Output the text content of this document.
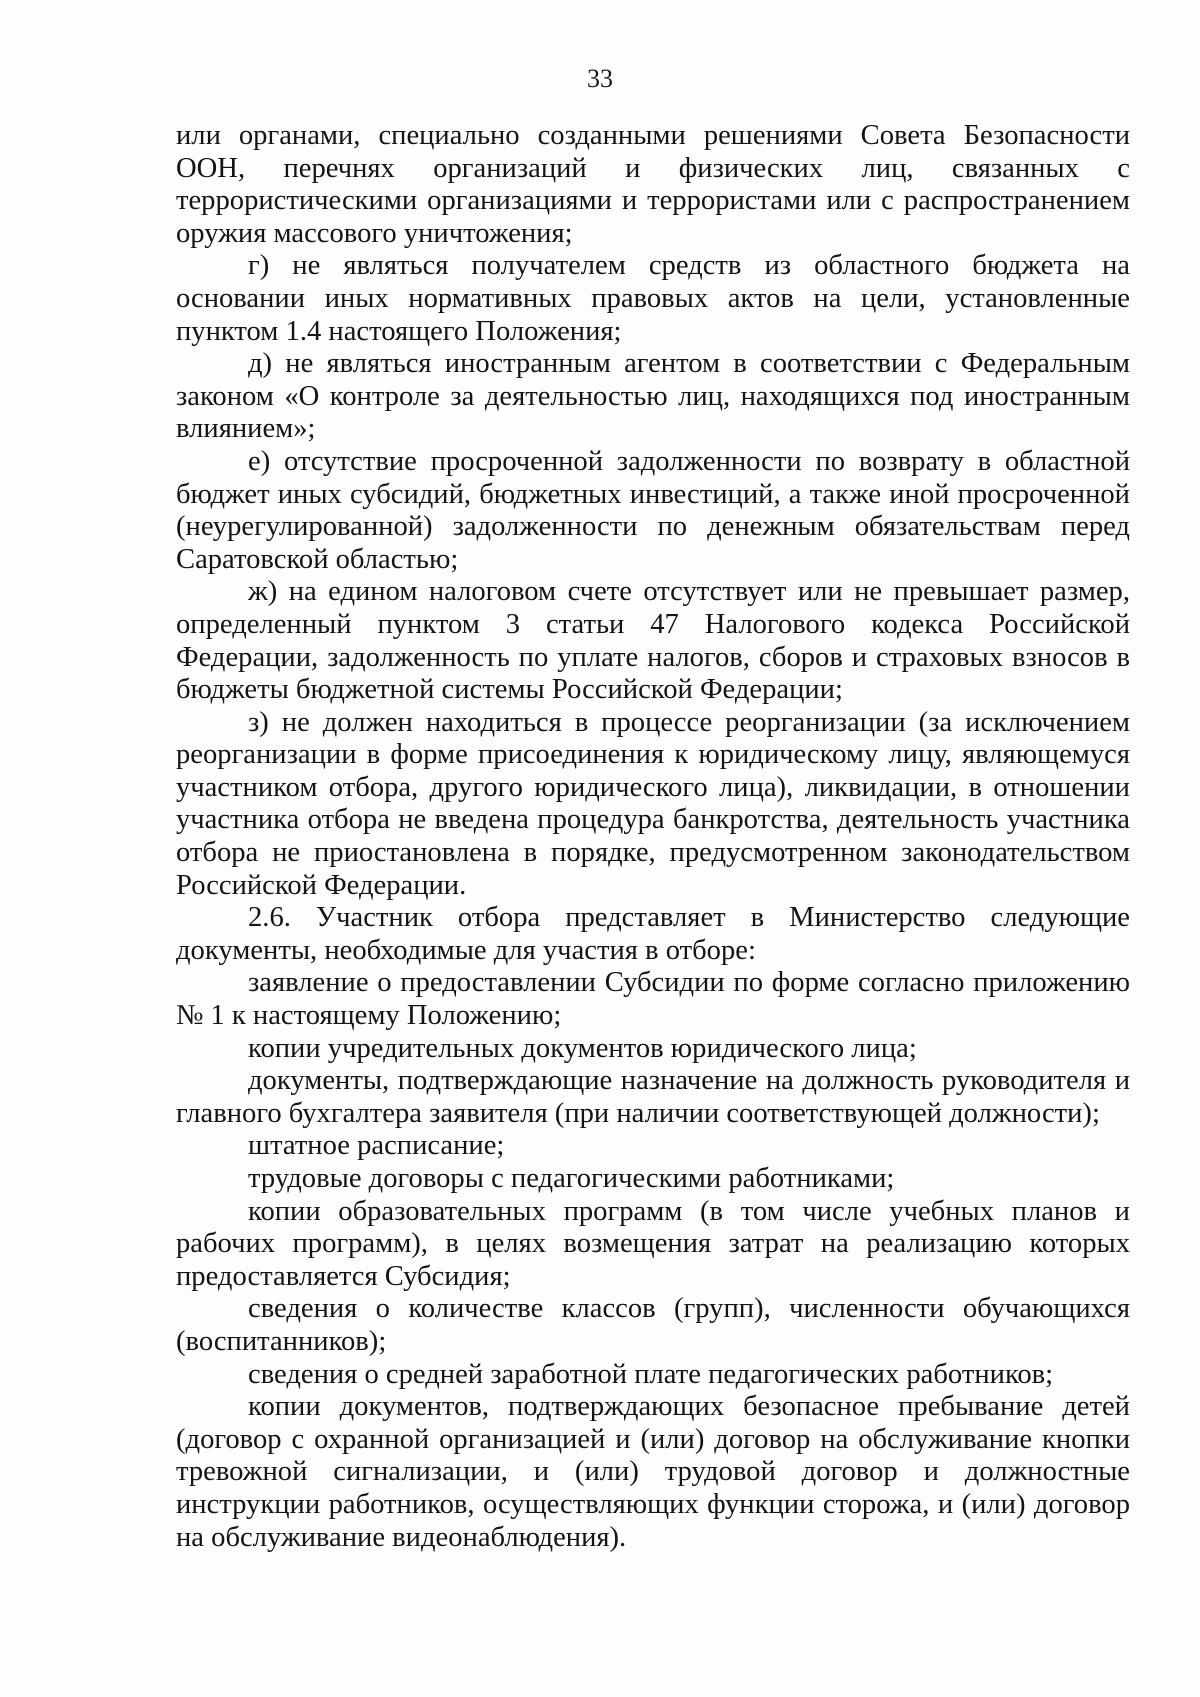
33

или органами, специально созданными решениями Совета Безопасности ООН, перечнях организаций и физических лиц, связанных с террористическими организациями и террористами или с распространением оружия массового уничтожения;

г) не являться получателем средств из областного бюджета на основании иных нормативных правовых актов на цели, установленные пунктом 1.4 настоящего Положения;

д) не являться иностранным агентом в соответствии с Федеральным законом «О контроле за деятельностью лиц, находящихся под иностранным влиянием»;

е) отсутствие просроченной задолженности по возврату в областной бюджет иных субсидий, бюджетных инвестиций, а также иной просроченной (неурегулированной) задолженности по денежным обязательствам перед Саратовской областью;

ж) на едином налоговом счете отсутствует или не превышает размер, определенный пунктом 3 статьи 47 Налогового кодекса Российской Федерации, задолженность по уплате налогов, сборов и страховых взносов в бюджеты бюджетной системы Российской Федерации;

з) не должен находиться в процессе реорганизации (за исключением реорганизации в форме присоединения к юридическому лицу, являющемуся участником отбора, другого юридического лица), ликвидации, в отношении участника отбора не введена процедура банкротства, деятельность участника отбора не приостановлена в порядке, предусмотренном законодательством Российской Федерации.

2.6. Участник отбора представляет в Министерство следующие документы, необходимые для участия в отборе:

заявление о предоставлении Субсидии по форме согласно приложению № 1 к настоящему Положению;

копии учредительных документов юридического лица;

документы, подтверждающие назначение на должность руководителя и главного бухгалтера заявителя (при наличии соответствующей должности);

штатное расписание;

трудовые договоры с педагогическими работниками;

копии образовательных программ (в том числе учебных планов и рабочих программ), в целях возмещения затрат на реализацию которых предоставляется Субсидия;

сведения о количестве классов (групп), численности обучающихся (воспитанников);

сведения о средней заработной плате педагогических работников;

копии документов, подтверждающих безопасное пребывание детей (договор с охранной организацией и (или) договор на обслуживание кнопки тревожной сигнализации, и (или) трудовой договор и должностные инструкции работников, осуществляющих функции сторожа, и (или) договор на обслуживание видеонаблюдения).
